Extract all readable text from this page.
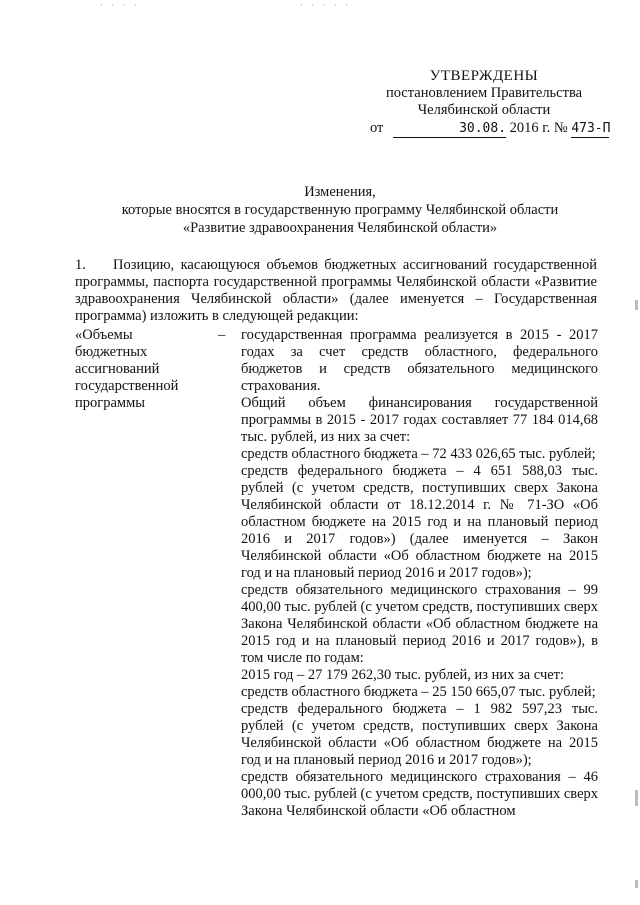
· · · ·	· · · · ·
УТВЕРЖДЕНЫ
постановлением Правительства
Челябинской области
от	30.08. 2016 г. № 473-П
Изменения,
которые вносятся в государственную программу Челябинской области
«Развитие здравоохранения Челябинской области»
1. Позицию, касающуюся объемов бюджетных ассигнований государственной программы, паспорта государственной программы Челябинской области «Развитие здравоохранения Челябинской области» (далее именуется – Государственная программа) изложить в следующей редакции:
«Объемы бюджетных ассигнований государственной программы
– государственная программа реализуется в 2015 - 2017 годах за счет средств областного, федерального бюджетов и средств обязательного медицинского страхования.

Общий объем финансирования государственной программы в 2015 - 2017 годах составляет 77 184 014,68 тыс. рублей, из них за счет:

средств областного бюджета – 72 433 026,65 тыс. рублей;

средств федерального бюджета – 4 651 588,03 тыс. рублей (с учетом средств, поступивших сверх Закона Челябинской области от 18.12.2014 г. № 71-ЗО «Об областном бюджете на 2015 год и на плановый период 2016 и 2017 годов») (далее именуется – Закон Челябинской области «Об областном бюджете на 2015 год и на плановый период 2016 и 2017 годов»);

средств обязательного медицинского страхования – 99 400,00 тыс. рублей (с учетом средств, поступивших сверх Закона Челябинской области «Об областном бюджете на 2015 год и на плановый период 2016 и 2017 годов»), в том числе по годам:

2015 год – 27 179 262,30 тыс. рублей, из них за счет:

средств областного бюджета – 25 150 665,07 тыс. рублей;

средств федерального бюджета – 1 982 597,23 тыс. рублей (с учетом средств, поступивших сверх Закона Челябинской области «Об областном бюджете на 2015 год и на плановый период 2016 и 2017 годов»);

средств обязательного медицинского страхования – 46 000,00 тыс. рублей (с учетом средств, поступивших сверх Закона Челябинской области «Об областном
